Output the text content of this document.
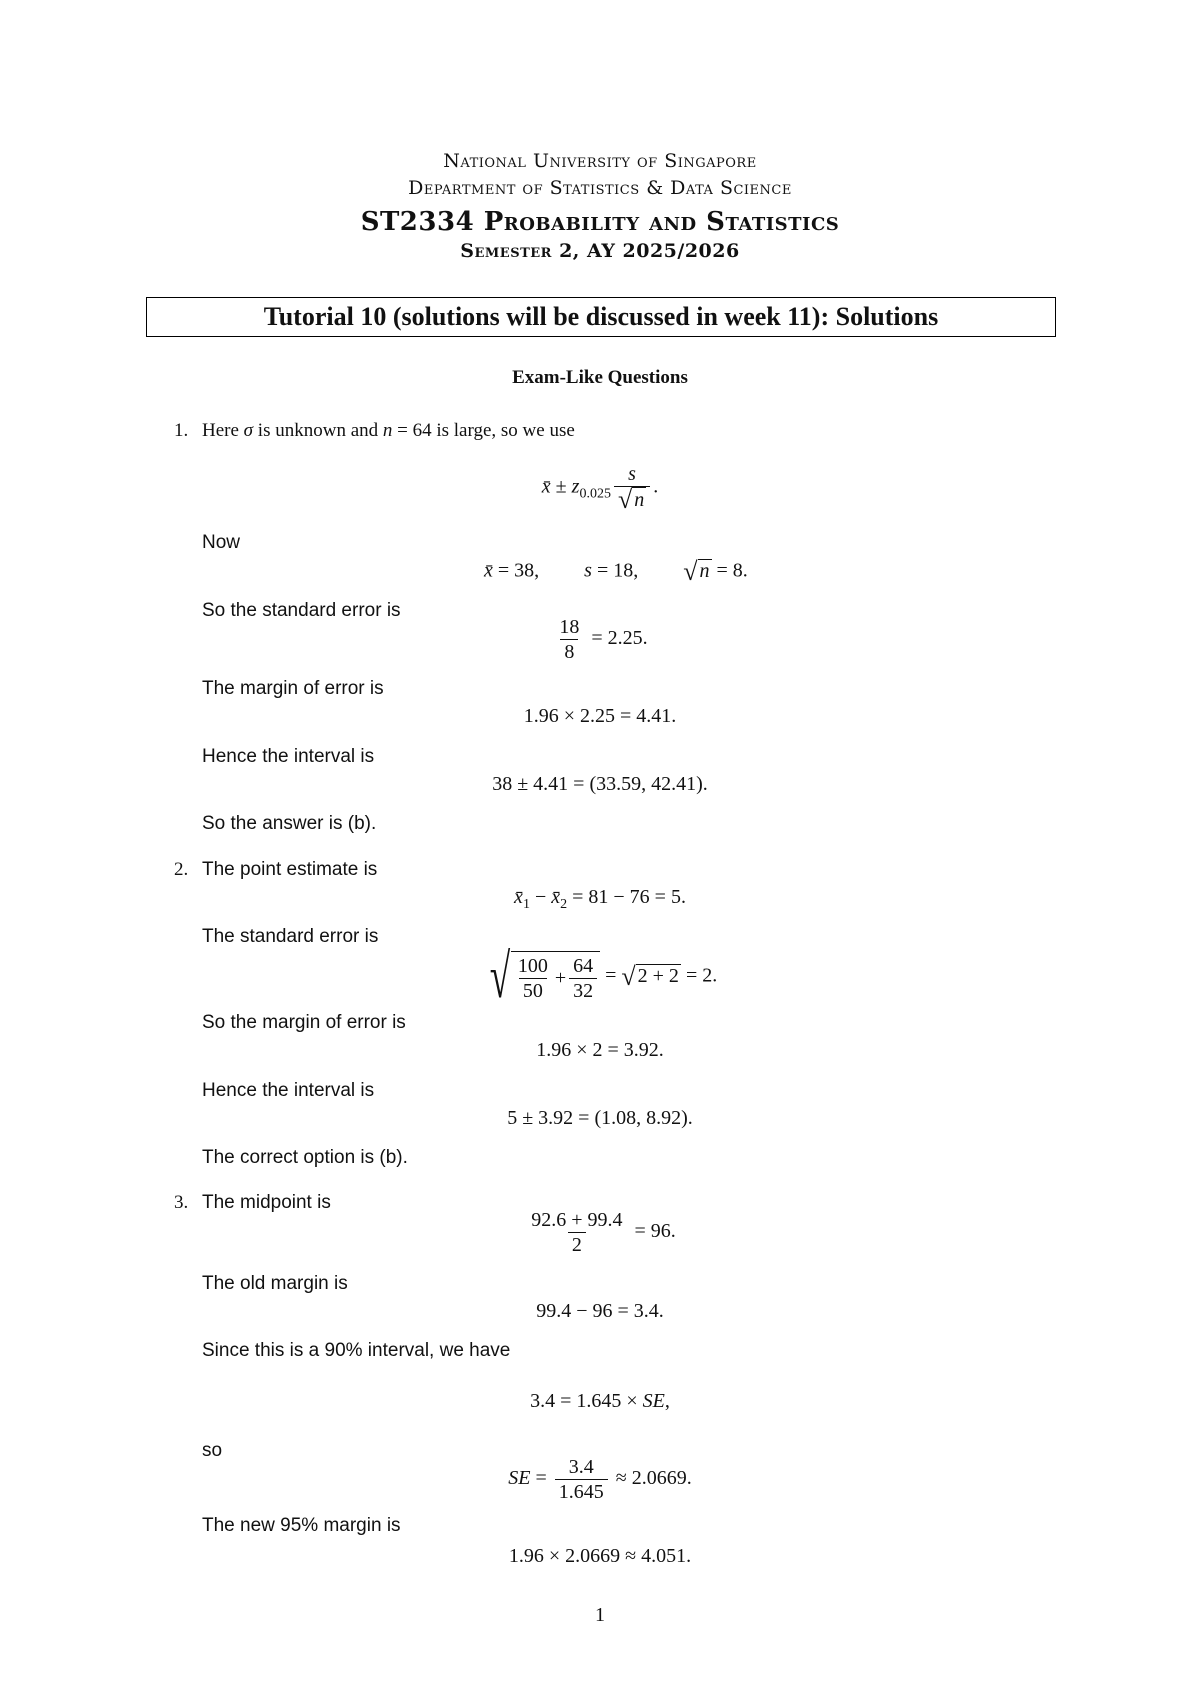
National University of Singapore
Department of Statistics & Data Science
ST2334 Probability and Statistics
Semester 2, AY 2025/2026
Tutorial 10 (solutions will be discussed in week 11): Solutions
Exam-Like Questions
1. Here σ is unknown and n = 64 is large, so we use
x̄ ± $z_{0.025} \frac{s}{√ n}$ .
Now
x̄ = 38,         s = 18, √ n = 8.
So the standard error is
$\frac{18}{8} = 2.25$.
The margin of error is
1.96 × 2.25 = 4.41.
Hence the interval is
38 ± 4.41 = (33.59, 42.41).
So the answer is (b).
2. The point estimate is
$x̄_1$ − $x̄_2 = 81 - 76 = 5$.
The standard error is
√ $\frac{100}{50} + \frac{64}{32}$ = √ 2 + 2 = 2.
So the margin of error is
1.96 × 2 = 3.92.
Hence the interval is
5 ± 3.92 = (1.08, 8.92).
The correct option is (b).
3. The midpoint is
$\frac{92.6 + 99.4}{2} = 96$.
The old margin is
99.4 − 96 = 3.4.
Since this is a 90% interval, we have
3.4 = 1.645 × SE,
so
SE = $\frac{3.4}{1.645} \approx 2.0669$.
The new 95% margin is
1.96 × 2.0669 ≈ 4.051.
1
